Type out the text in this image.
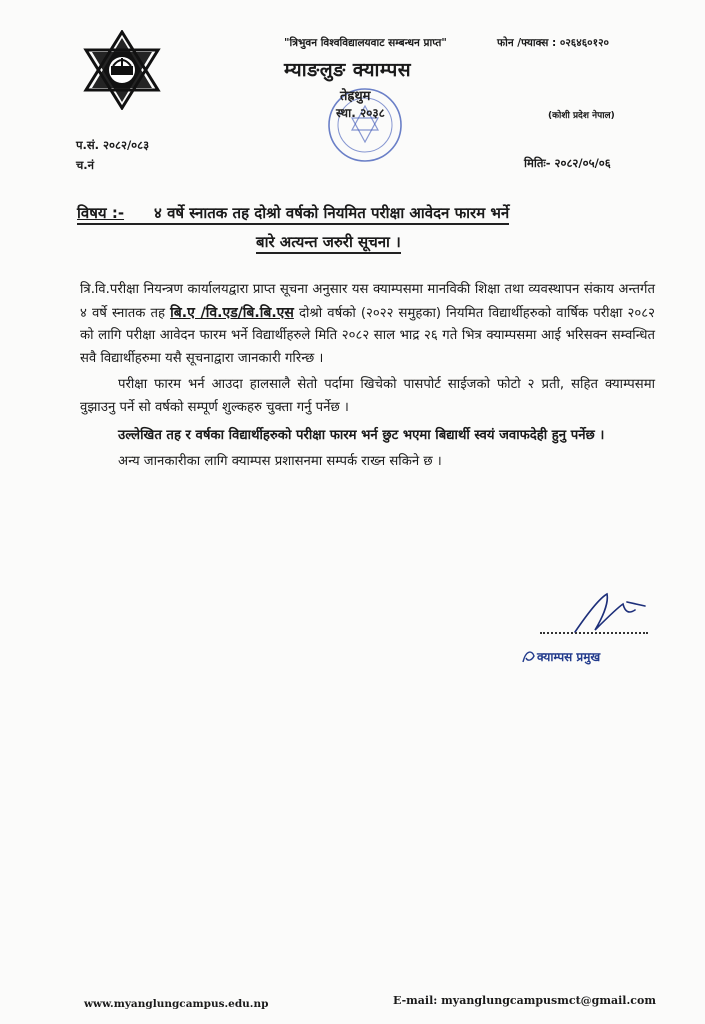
"त्रिभुवन विश्वविद्यालयवाट सम्बन्धन प्राप्त"	फोन /फ्याक्स : ०२६४६०१२०
म्याङलुङ क्याम्पस
तेह्रथुम
स्था. २०३८	(कोशी प्रदेश नेपाल)
प.सं. २०८२/०८३
च.नं	मितिः- २०८२/०५/०६
विषय :- ४ वर्षे स्नातक तह दोश्रो वर्षको नियमित परीक्षा आवेदन फारम भर्ने
बारे अत्यन्त जरुरी सूचना ।

त्रि.वि.परीक्षा नियन्त्रण कार्यालयद्वारा प्राप्त सूचना अनुसार यस क्याम्पसमा मानविकी शिक्षा तथा व्यवस्थापन संकाय अन्तर्गत ४ वर्षे स्नातक तह बि.ए /वि.एड/बि.बि.एस दोश्रो वर्षको (२०२२ समुहका) नियमित विद्यार्थीहरुको वार्षिक परीक्षा २०८२ को लागि परीक्षा आवेदन फारम भर्ने विद्यार्थीहरुले मिति २०८२ साल भाद्र २६ गते भित्र क्याम्पसमा आई भरिसक्न सम्वन्धित सवै विद्यार्थीहरुमा यसै सूचनाद्वारा जानकारी गरिन्छ ।

परीक्षा फारम भर्न आउदा हालसालै सेतो पर्दामा खिचेको पासपोर्ट साईजको फोटो २ प्रती, सहित क्याम्पसमा वुझाउनु पर्ने सो वर्षको सम्पूर्ण शुल्कहरु चुक्ता गर्नु पर्नेछ ।

उल्लेखित तह र वर्षका विद्यार्थीहरुको परीक्षा फारम भर्न छुट भएमा बिद्यार्थी स्वयं जवाफदेही हुनु पर्नेछ ।

अन्य जानकारीका लागि क्याम्पस प्रशासनमा सम्पर्क राख्न सकिने छ ।

क्याम्पस प्रमुख
www.myanglungcampus.edu.np	E-mail: myanglungcampusmct@gmail.com
